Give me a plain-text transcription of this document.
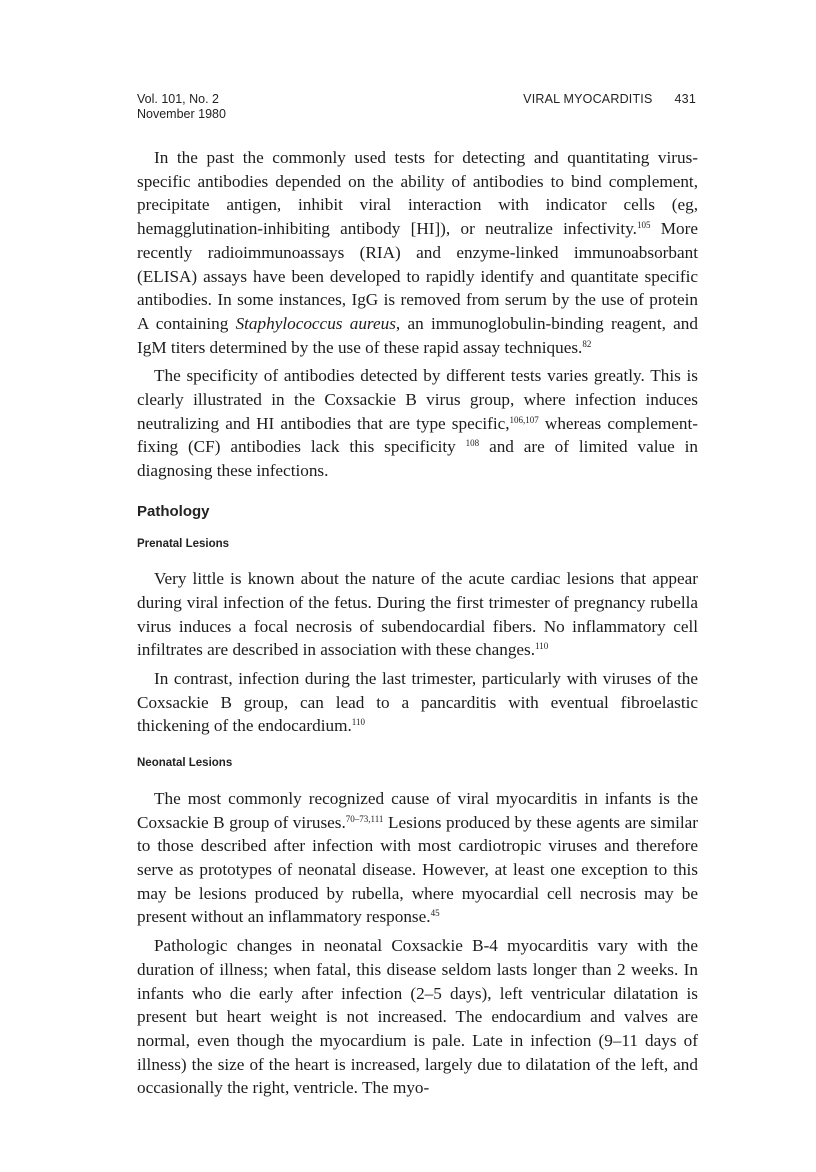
Vol. 101, No. 2
November 1980
VIRAL MYOCARDITIS 431

In the past the commonly used tests for detecting and quantitating virus-specific antibodies depended on the ability of antibodies to bind complement, precipitate antigen, inhibit viral interaction with indicator cells (eg, hemagglutination-inhibiting antibody [HI]), or neutralize infectivity.$^{105}$ More recently radioimmunoassays (RIA) and enzyme-linked immunoabsorbant (ELISA) assays have been developed to rapidly identify and quantitate specific antibodies. In some instances, IgG is removed from serum by the use of protein A containing Staphylococcus aureus, an immunoglobulin-binding reagent, and IgM titers determined by the use of these rapid assay techniques.$^{82}$

The specificity of antibodies detected by different tests varies greatly. This is clearly illustrated in the Coxsackie B virus group, where infection induces neutralizing and HI antibodies that are type specific,$^{106,107}$ whereas complement-fixing (CF) antibodies lack this specificity $^{108}$ and are of limited value in diagnosing these infections.

Pathology
Prenatal Lesions

Very little is known about the nature of the acute cardiac lesions that appear during viral infection of the fetus. During the first trimester of pregnancy rubella virus induces a focal necrosis of subendocardial fibers. No inflammatory cell infiltrates are described in association with these changes.$^{110}$

In contrast, infection during the last trimester, particularly with viruses of the Coxsackie B group, can lead to a pancarditis with eventual fibroelastic thickening of the endocardium.$^{110}$

Neonatal Lesions

The most commonly recognized cause of viral myocarditis in infants is the Coxsackie B group of viruses.$^{70-73,111}$ Lesions produced by these agents are similar to those described after infection with most cardiotropic viruses and therefore serve as prototypes of neonatal disease. However, at least one exception to this may be lesions produced by rubella, where myocardial cell necrosis may be present without an inflammatory response.$^{45}$

Pathologic changes in neonatal Coxsackie B-4 myocarditis vary with the duration of illness; when fatal, this disease seldom lasts longer than 2 weeks. In infants who die early after infection (2–5 days), left ventricular dilatation is present but heart weight is not increased. The endocardium and valves are normal, even though the myocardium is pale. Late in infection (9–11 days of illness) the size of the heart is increased, largely due to dilatation of the left, and occasionally the right, ventricle. The myo-
